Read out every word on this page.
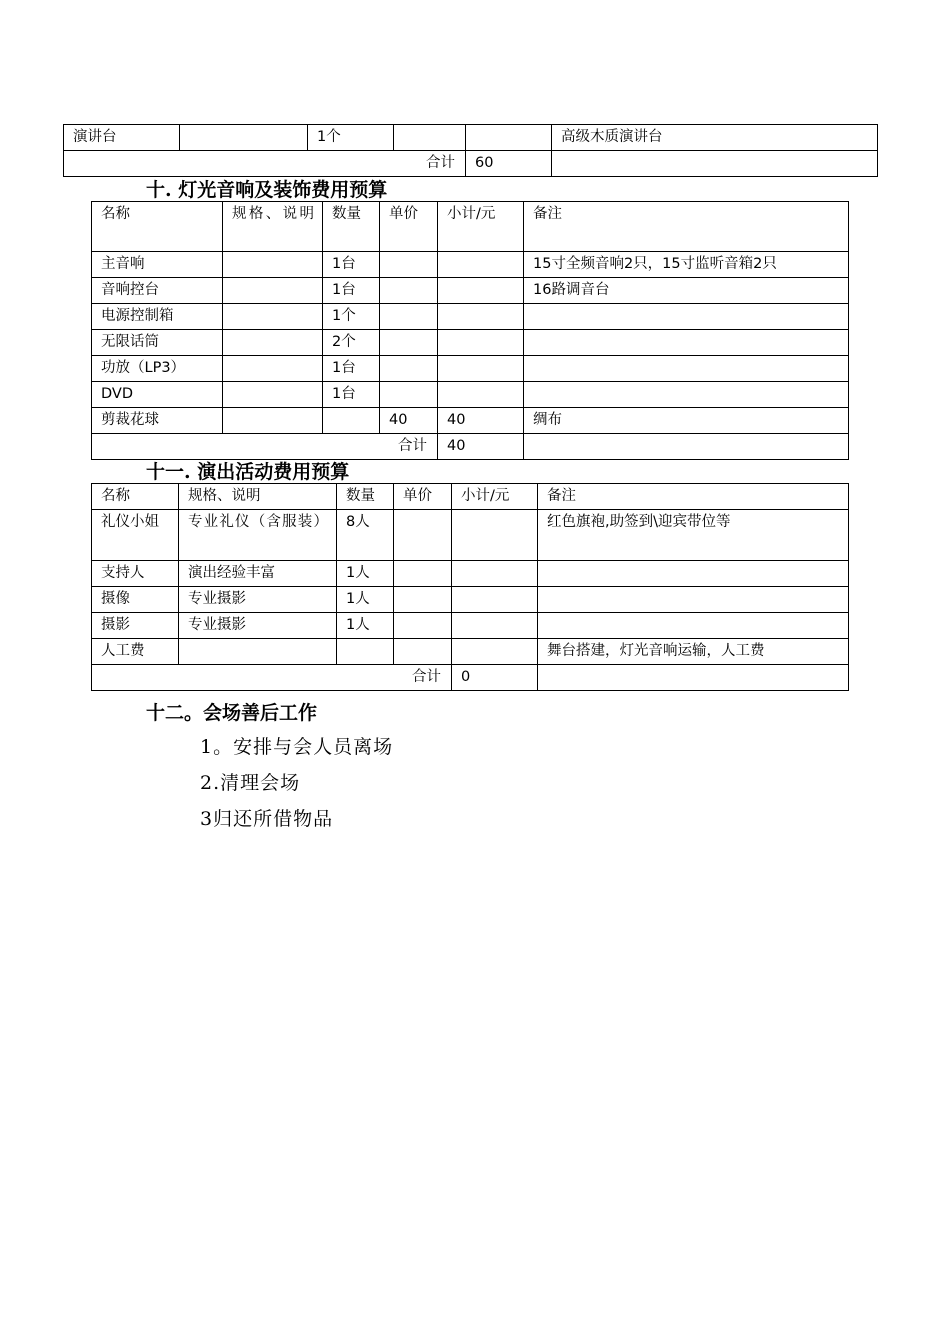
演讲台		1个			高级木质演讲台
合计				60	
十. 灯光音响及装饰费用预算
名称	规格、说明	数量	单价	小计/元	备注
主音响		1台			15寸全频音响2只，15寸监听音箱2只
音响控台		1台			16路调音台
电源控制箱		1个			
无限话筒		2个			
功放（LP3）		1台			
DVD		1台			
剪裁花球			40	40	绸布
合计				40	
十一. 演出活动费用预算
名称	规格、说明	数量	单价	小计/元	备注
礼仪小姐	专业礼仪（含服装）	8人			红色旗袍,助签到\迎宾带位等
支持人	演出经验丰富	1人			
摄像	专业摄影	1人			
摄影	专业摄影	1人			
人工费					舞台搭建，灯光音响运输，人工费
合计				0	
十二。会场善后工作
1。安排与会人员离场
2.清理会场
3归还所借物品
